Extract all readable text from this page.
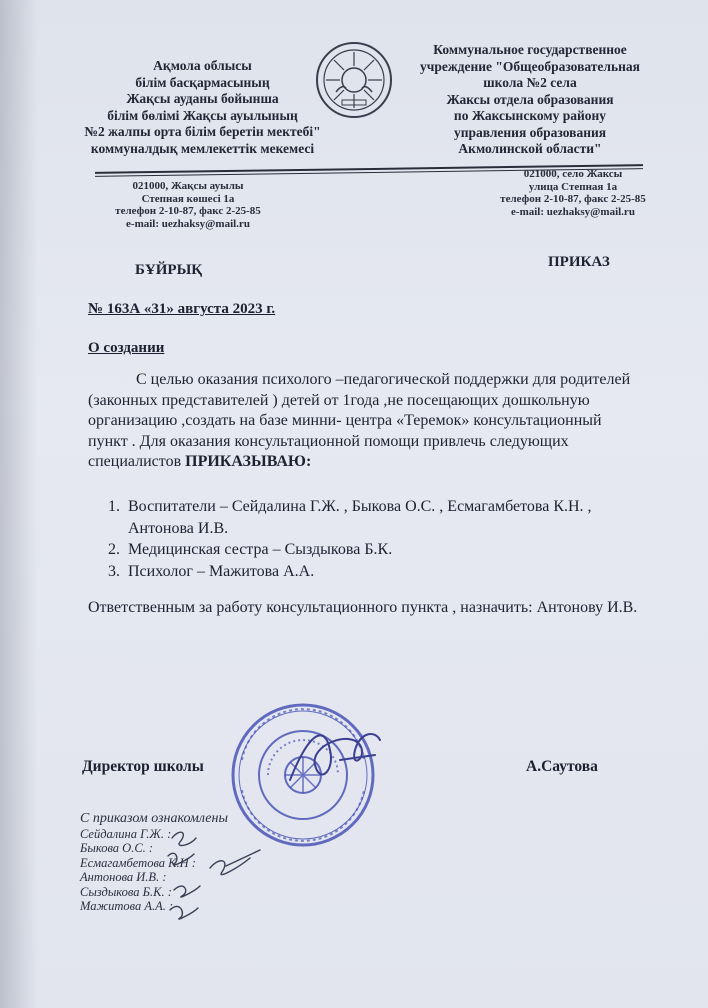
Ақмола облысы
білім басқармасының
Жақсы ауданы бойынша
білім бөлімі Жақсы ауылының
№2 жалпы орта білім беретін мектебі"
коммуналдық мемлекеттік мекемесі
Коммунальное государственное
учреждение "Общеобразовательная
школа №2 села
Жаксы отдела образования
по Жаксынскому району
управления образования
Акмолинской области"
021000, Жақсы ауылы
Степная көшесі 1а
телефон 2-10-87, факс 2-25-85
e-mail: uezhaksy@mail.ru
021000, село Жаксы
улица Степная 1а
телефон 2-10-87, факс 2-25-85
e-mail: uezhaksy@mail.ru
БҰЙРЫҚ	ПРИКАЗ
№ 163А «31» августа 2023 г.
О создании
С целью оказания психолого –педагогической поддержки для родителей (законных представителей ) детей от 1года ,не посещающих дошкольную организацию ,создать на базе минни- центра «Теремок» консультационный пункт . Для оказания консультационной помощи привлечь следующих специалистов ПРИКАЗЫВАЮ:
1. Воспитатели – Сейдалина Г.Ж. , Быкова О.С. , Есмагамбетова К.Н. , Антонова И.В.
2. Медицинская сестра – Сыздыкова Б.К.
3. Психолог – Мажитова А.А.
Ответственным за работу консультационного пункта , назначить: Антонову И.В.
Директор школы	А.Саутова
С приказом ознакомлены
Сейдалина Г.Ж. :
Быкова О.С. :
Есмагамбетова К.Н :
Антонова И.В. :
Сыздыкова Б.К. :
Мажитова А.А. :
